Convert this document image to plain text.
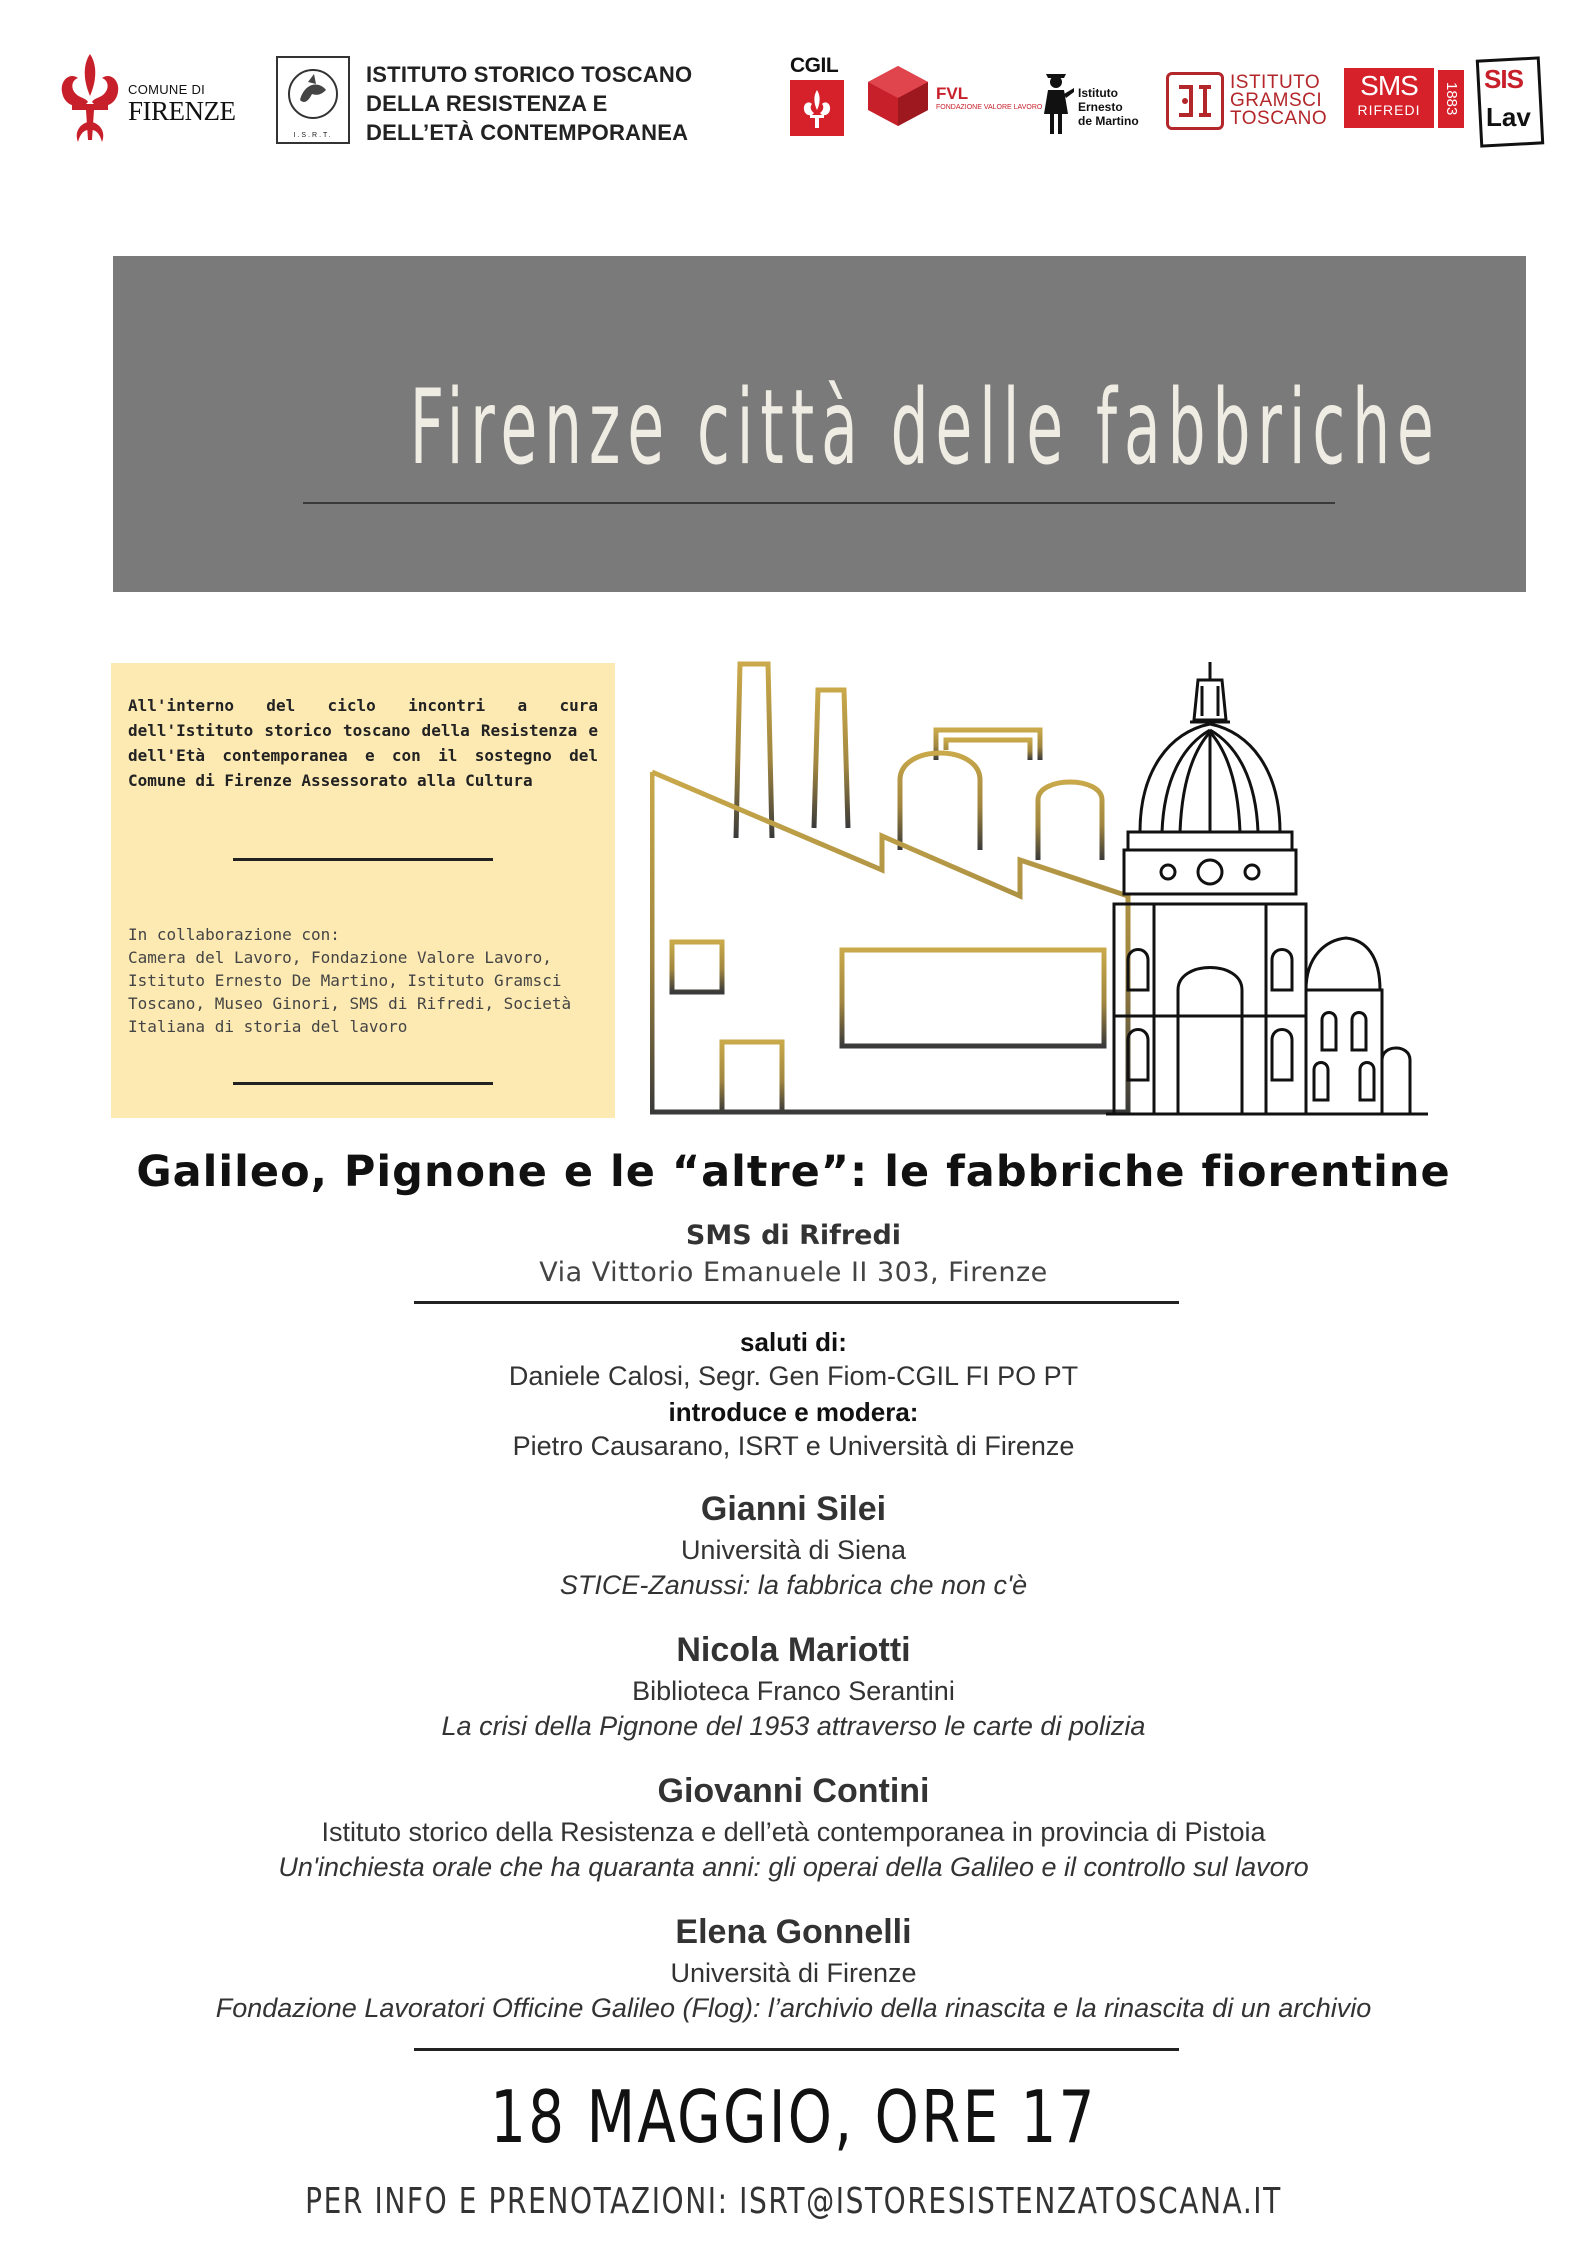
COMUNE DI
FIRENZE
I.S.R.T.
ISTITUTO STORICO TOSCANO
DELLA RESISTENZA E
DELL’ETÀ CONTEMPORANEA
CGIL
FVL
FONDAZIONE VALORE LAVORO
Istituto
Ernesto
de Martino
ISTITUTO
GRAMSCI
TOSCANO
SMS
RIFREDI	1883
SIS
Lav
Firenze città delle fabbriche
All'interno del ciclo incontri a cura dell'Istituto storico toscano della Resistenza e dell'Età contemporanea e con il sostegno del Comune di Firenze Assessorato alla Cultura
In collaborazione con:
Camera del Lavoro, Fondazione Valore Lavoro, Istituto Ernesto De Martino, Istituto Gramsci Toscano, Museo Ginori, SMS di Rifredi, Società Italiana di storia del lavoro
Galileo, Pignone e le “altre”: le fabbriche fiorentine
SMS di Rifredi
Via Vittorio Emanuele II 303, Firenze
saluti di:
Daniele Calosi, Segr. Gen Fiom-CGIL FI PO PT
introduce e modera:
Pietro Causarano, ISRT e Università di Firenze
Gianni Silei
Università di Siena
STICE-Zanussi: la fabbrica che non c'è
Nicola Mariotti
Biblioteca Franco Serantini
La crisi della Pignone del 1953 attraverso le carte di polizia
Giovanni Contini
Istituto storico della Resistenza e dell’età contemporanea in provincia di Pistoia
Un'inchiesta orale che ha quaranta anni: gli operai della Galileo e il controllo sul lavoro
Elena Gonnelli
Università di Firenze
Fondazione Lavoratori Officine Galileo (Flog): l’archivio della rinascita e la rinascita di un archivio
18 MAGGIO, ORE 17
PER INFO E PRENOTAZIONI: ISRT@ISTORESISTENZATOSCANA.IT
